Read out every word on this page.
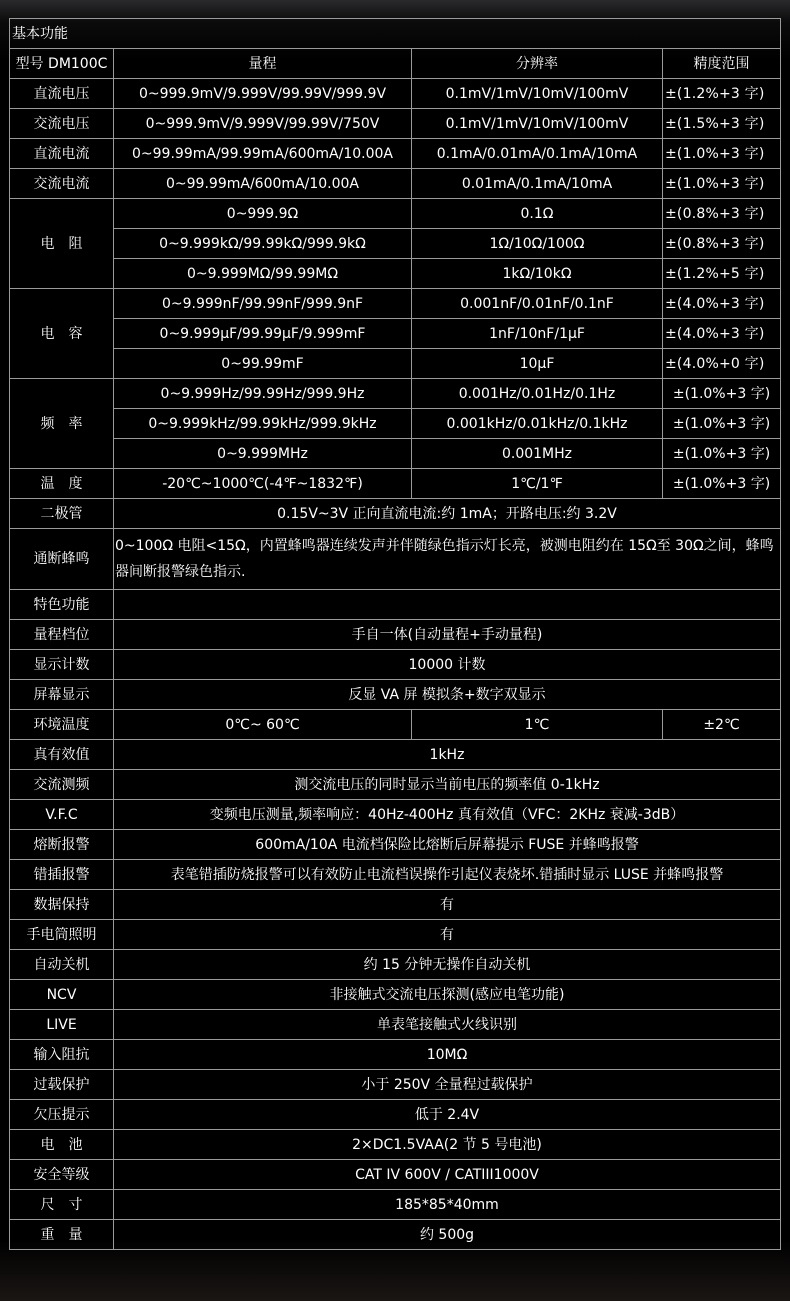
基本功能			
型号 DM100C	量程	分辨率	精度范围
直流电压	0~999.9mV/9.999V/99.99V/999.9V	0.1mV/1mV/10mV/100mV	±(1.2%+3 字)
交流电压	0~999.9mV/9.999V/99.99V/750V	0.1mV/1mV/10mV/100mV	±(1.5%+3 字)
直流电流	0~99.99mA/99.99mA/600mA/10.00A	0.1mA/0.01mA/0.1mA/10mA	±(1.0%+3 字)
交流电流	0~99.99mA/600mA/10.00A	0.01mA/0.1mA/10mA	±(1.0%+3 字)
电　阻	0~999.9Ω	0.1Ω	±(0.8%+3 字)
	0~9.999kΩ/99.99kΩ/999.9kΩ	1Ω/10Ω/100Ω	±(0.8%+3 字)
	0~9.999MΩ/99.99MΩ	1kΩ/10kΩ	±(1.2%+5 字)
电　容	0~9.999nF/99.99nF/999.9nF	0.001nF/0.01nF/0.1nF	±(4.0%+3 字)
	0~9.999μF/99.99μF/9.999mF	1nF/10nF/1μF	±(4.0%+3 字)
	0~99.99mF	10μF	±(4.0%+0 字)
频　率	0~9.999Hz/99.99Hz/999.9Hz	0.001Hz/0.01Hz/0.1Hz	±(1.0%+3 字)
	0~9.999kHz/99.99kHz/999.9kHz	0.001kHz/0.01kHz/0.1kHz	±(1.0%+3 字)
	0~9.999MHz	0.001MHz	±(1.0%+3 字)
温　度	-20℃~1000℃(-4℉~1832℉)	1℃/1℉	±(1.0%+3 字)
二极管	0.15V~3V 正向直流电流:约 1mA；开路电压:约 3.2V		
通断蜂鸣	0~100Ω 电阻<15Ω，内置蜂鸣器连续发声并伴随绿色指示灯长亮，被测电阻约在 15Ω至 30Ω之间，蜂鸣器间断报警绿色指示.		
特色功能			
量程档位	手自一体(自动量程+手动量程)		
显示计数	10000 计数		
屏幕显示	反显 VA 屏 模拟条+数字双显示		
环境温度	0℃~ 60℃	1℃	±2℃
真有效值	1kHz		
交流测频	测交流电压的同时显示当前电压的频率值 0-1kHz		
V.F.C	变频电压测量,频率响应：40Hz-400Hz 真有效值（VFC：2KHz 衰减-3dB）		
熔断报警	600mA/10A 电流档保险比熔断后屏幕提示 FUSE 并蜂鸣报警		
错插报警	表笔错插防烧报警可以有效防止电流档误操作引起仪表烧坏.错插时显示 LUSE 并蜂鸣报警		
数据保持	有		
手电筒照明	有		
自动关机	约 15 分钟无操作自动关机		
NCV	非接触式交流电压探测(感应电笔功能)		
LIVE	单表笔接触式火线识别		
输入阻抗	10MΩ		
过载保护	小于 250V 全量程过载保护		
欠压提示	低于 2.4V		
电　池	2×DC1.5VAA(2 节 5 号电池)		
安全等级	CAT IV 600V / CATIII1000V		
尺　寸	185*85*40mm		
重　量	约 500g		
